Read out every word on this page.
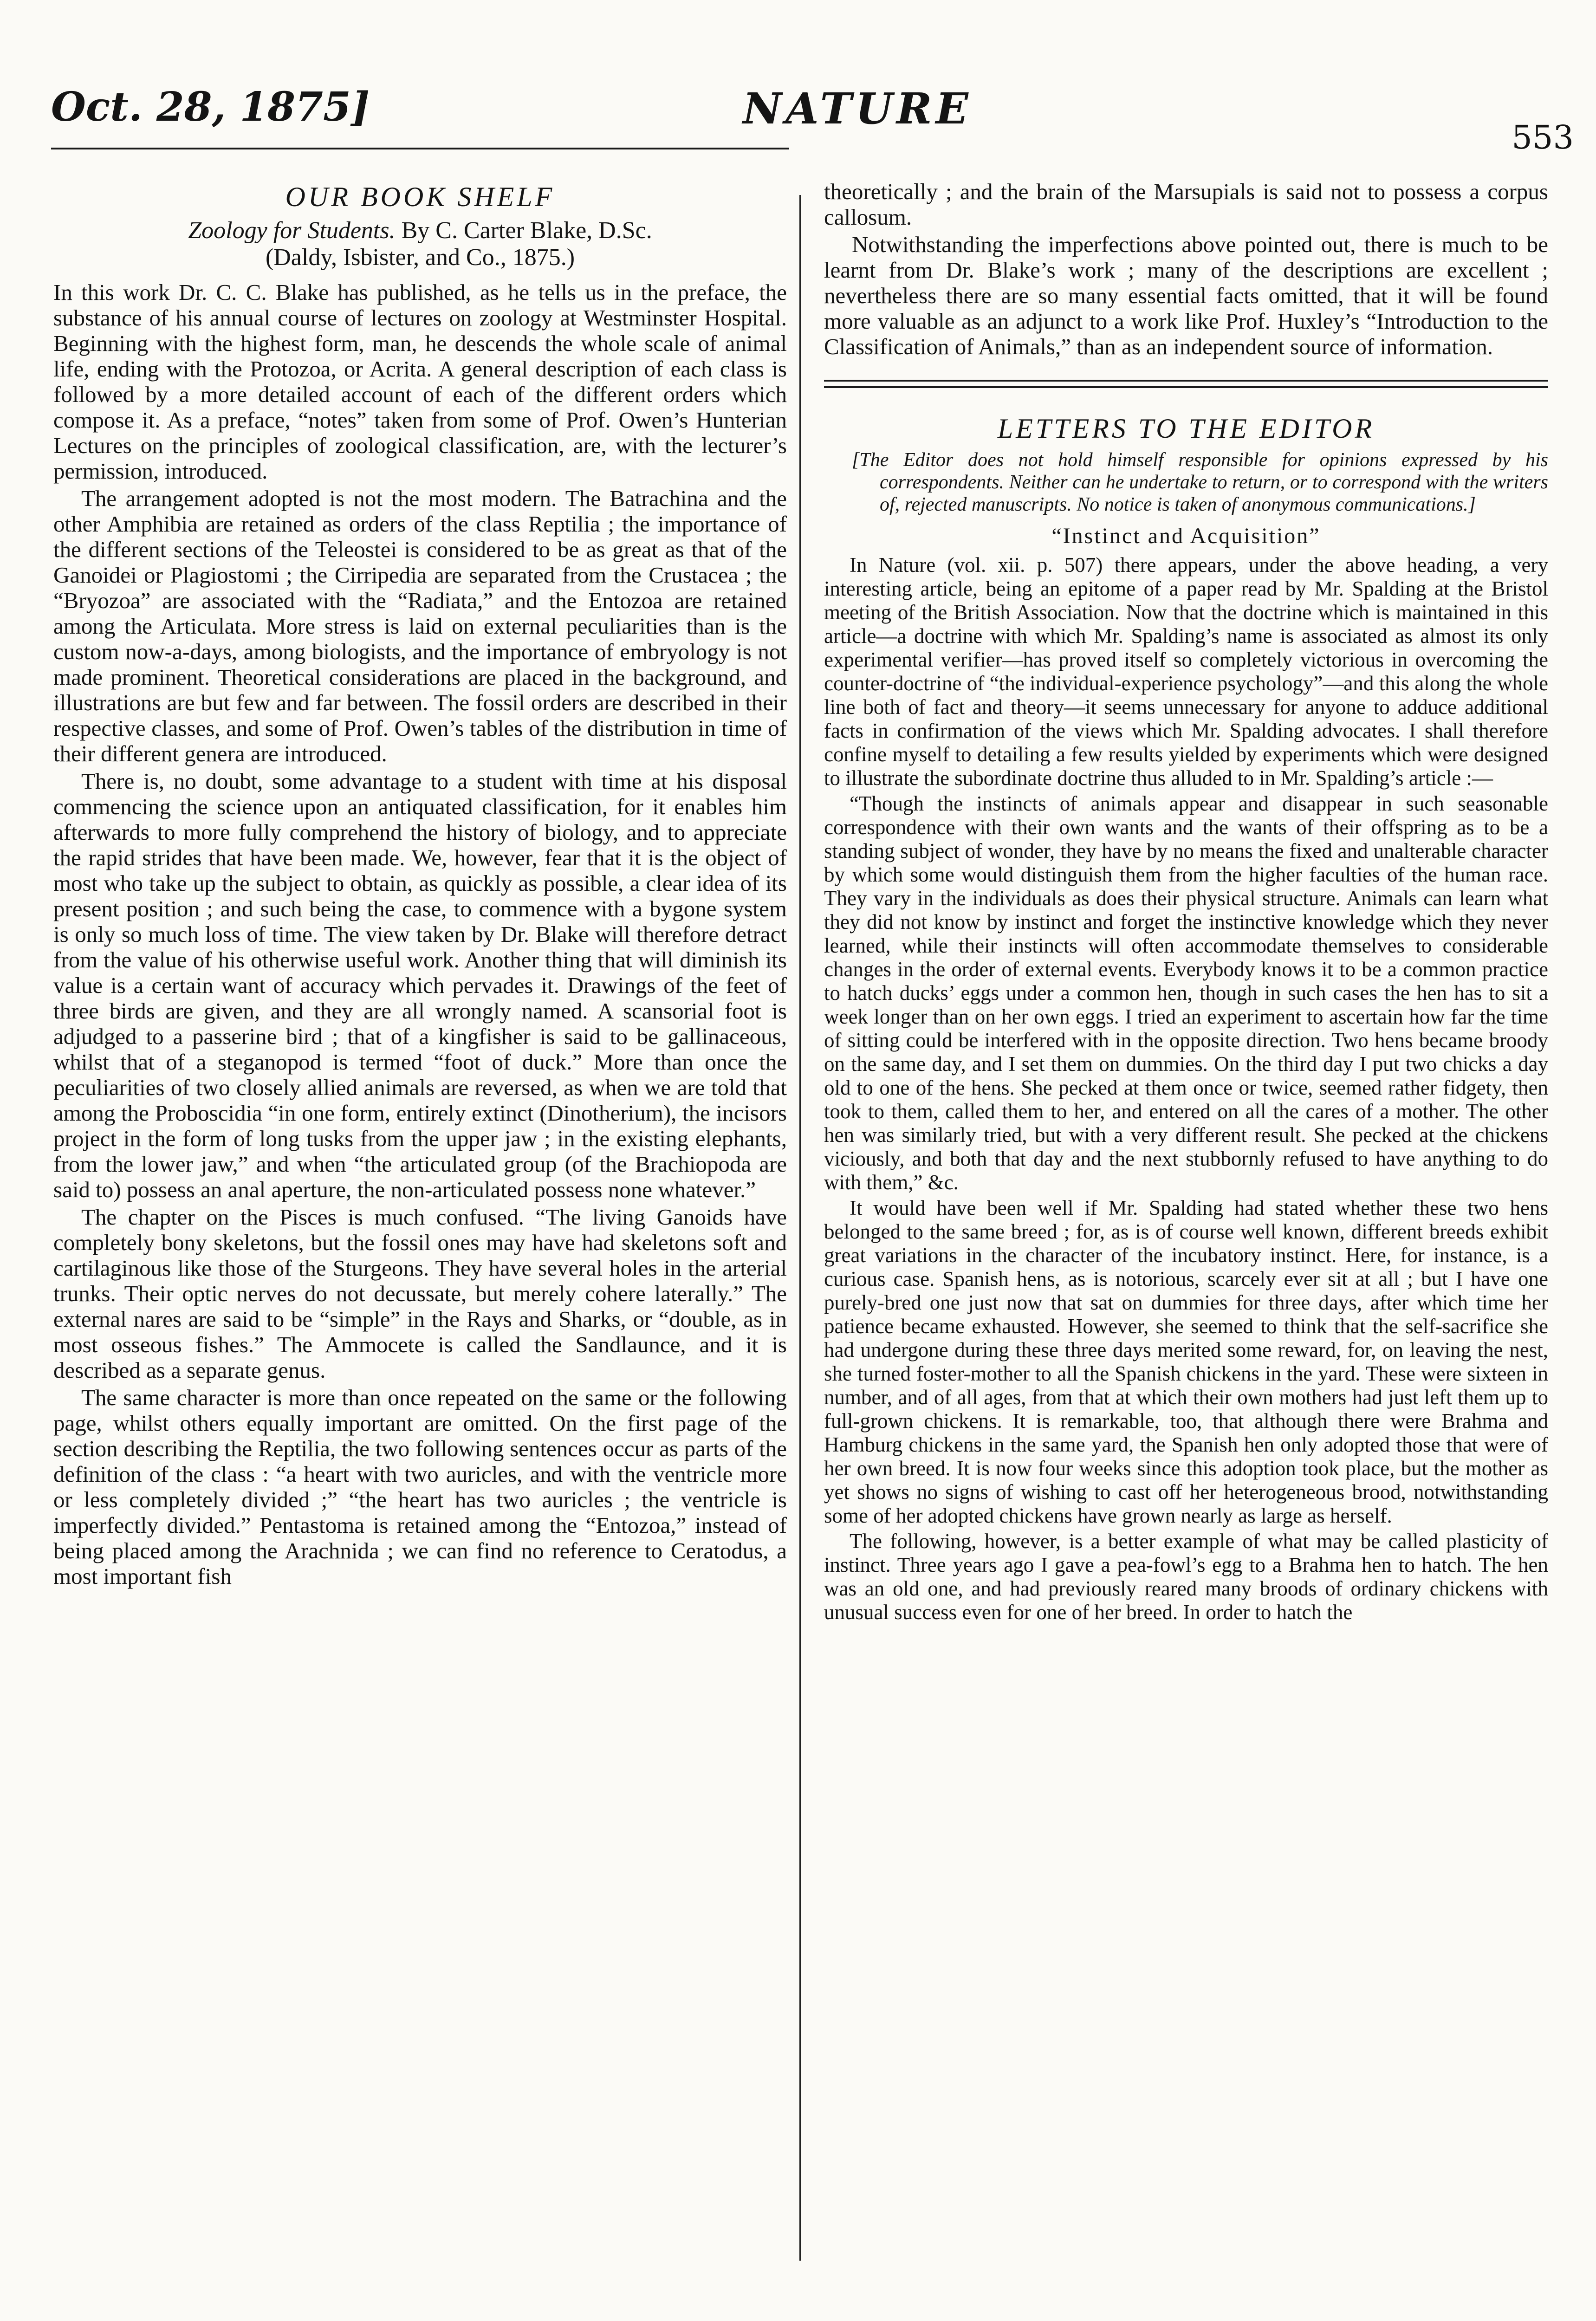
Oct. 28, 1875]	NATURE
553
OUR BOOK SHELF
Zoology for Students. By C. Carter Blake, D.Sc.
(Daldy, Isbister, and Co., 1875.)

In this work Dr. C. C. Blake has published, as he tells us in the preface, the substance of his annual course of lectures on zoology at Westminster Hospital. Beginning with the highest form, man, he descends the whole scale of animal life, ending with the Protozoa, or Acrita. A general description of each class is followed by a more detailed account of each of the different orders which compose it. As a preface, “notes” taken from some of Prof. Owen’s Hunterian Lectures on the principles of zoological classification, are, with the lecturer’s permission, introduced.

The arrangement adopted is not the most modern. The Batrachina and the other Amphibia are retained as orders of the class Reptilia ; the importance of the different sections of the Teleostei is considered to be as great as that of the Ganoidei or Plagiostomi ; the Cirripedia are separated from the Crustacea ; the “Bryozoa” are associated with the “Radiata,” and the Entozoa are retained among the Articulata. More stress is laid on external peculiarities than is the custom now-a-days, among biologists, and the importance of embryology is not made prominent. Theoretical considerations are placed in the background, and illustrations are but few and far between. The fossil orders are described in their respective classes, and some of Prof. Owen’s tables of the distribution in time of their different genera are introduced.

There is, no doubt, some advantage to a student with time at his disposal commencing the science upon an antiquated classification, for it enables him afterwards to more fully comprehend the history of biology, and to appreciate the rapid strides that have been made. We, however, fear that it is the object of most who take up the subject to obtain, as quickly as possible, a clear idea of its present position ; and such being the case, to commence with a bygone system is only so much loss of time. The view taken by Dr. Blake will therefore detract from the value of his otherwise useful work. Another thing that will diminish its value is a certain want of accuracy which pervades it. Drawings of the feet of three birds are given, and they are all wrongly named. A scansorial foot is adjudged to a passerine bird ; that of a kingfisher is said to be gallinaceous, whilst that of a steganopod is termed “foot of duck.” More than once the peculiarities of two closely allied animals are reversed, as when we are told that among the Proboscidia “in one form, entirely extinct (Dinotherium), the incisors project in the form of long tusks from the upper jaw ; in the existing elephants, from the lower jaw,” and when “the articulated group (of the Brachiopoda are said to) possess an anal aperture, the non-articulated possess none whatever.”

The chapter on the Pisces is much confused. “The living Ganoids have completely bony skeletons, but the fossil ones may have had skeletons soft and cartilaginous like those of the Sturgeons. They have several holes in the arterial trunks. Their optic nerves do not decussate, but merely cohere laterally.” The external nares are said to be “simple” in the Rays and Sharks, or “double, as in most osseous fishes.” The Ammocete is called the Sandlaunce, and it is described as a separate genus.

The same character is more than once repeated on the same or the following page, whilst others equally important are omitted. On the first page of the section describing the Reptilia, the two following sentences occur as parts of the definition of the class : “a heart with two auricles, and with the ventricle more or less completely divided ;” “the heart has two auricles ; the ventricle is imperfectly divided.” Pentastoma is retained among the “Entozoa,” instead of being placed among the Arachnida ; we can find no reference to Ceratodus, a most important fish

theoretically ; and the brain of the Marsupials is said not to possess a corpus callosum.

Notwithstanding the imperfections above pointed out, there is much to be learnt from Dr. Blake’s work ; many of the descriptions are excellent ; nevertheless there are so many essential facts omitted, that it will be found more valuable as an adjunct to a work like Prof. Huxley’s “Introduction to the Classification of Animals,” than as an independent source of information.

LETTERS TO THE EDITOR
[The Editor does not hold himself responsible for opinions expressed by his correspondents. Neither can he undertake to return, or to correspond with the writers of, rejected manuscripts. No notice is taken of anonymous communications.]
“Instinct and Acquisition”

In Nature (vol. xii. p. 507) there appears, under the above heading, a very interesting article, being an epitome of a paper read by Mr. Spalding at the Bristol meeting of the British Association. Now that the doctrine which is maintained in this article—a doctrine with which Mr. Spalding’s name is associated as almost its only experimental verifier—has proved itself so completely victorious in overcoming the counter-doctrine of “the individual-experience psychology”—and this along the whole line both of fact and theory—it seems unnecessary for anyone to adduce additional facts in confirmation of the views which Mr. Spalding advocates. I shall therefore confine myself to detailing a few results yielded by experiments which were designed to illustrate the subordinate doctrine thus alluded to in Mr. Spalding’s article :—

“Though the instincts of animals appear and disappear in such seasonable correspondence with their own wants and the wants of their offspring as to be a standing subject of wonder, they have by no means the fixed and unalterable character by which some would distinguish them from the higher faculties of the human race. They vary in the individuals as does their physical structure. Animals can learn what they did not know by instinct and forget the instinctive knowledge which they never learned, while their instincts will often accommodate themselves to considerable changes in the order of external events. Everybody knows it to be a common practice to hatch ducks’ eggs under a common hen, though in such cases the hen has to sit a week longer than on her own eggs. I tried an experiment to ascertain how far the time of sitting could be interfered with in the opposite direction. Two hens became broody on the same day, and I set them on dummies. On the third day I put two chicks a day old to one of the hens. She pecked at them once or twice, seemed rather fidgety, then took to them, called them to her, and entered on all the cares of a mother. The other hen was similarly tried, but with a very different result. She pecked at the chickens viciously, and both that day and the next stubbornly refused to have anything to do with them,” &c.

It would have been well if Mr. Spalding had stated whether these two hens belonged to the same breed ; for, as is of course well known, different breeds exhibit great variations in the character of the incubatory instinct. Here, for instance, is a curious case. Spanish hens, as is notorious, scarcely ever sit at all ; but I have one purely-bred one just now that sat on dummies for three days, after which time her patience became exhausted. However, she seemed to think that the self-sacrifice she had undergone during these three days merited some reward, for, on leaving the nest, she turned foster-mother to all the Spanish chickens in the yard. These were sixteen in number, and of all ages, from that at which their own mothers had just left them up to full-grown chickens. It is remarkable, too, that although there were Brahma and Hamburg chickens in the same yard, the Spanish hen only adopted those that were of her own breed. It is now four weeks since this adoption took place, but the mother as yet shows no signs of wishing to cast off her heterogeneous brood, notwithstanding some of her adopted chickens have grown nearly as large as herself.

The following, however, is a better example of what may be called plasticity of instinct. Three years ago I gave a pea-fowl’s egg to a Brahma hen to hatch. The hen was an old one, and had previously reared many broods of ordinary chickens with unusual success even for one of her breed. In order to hatch the
